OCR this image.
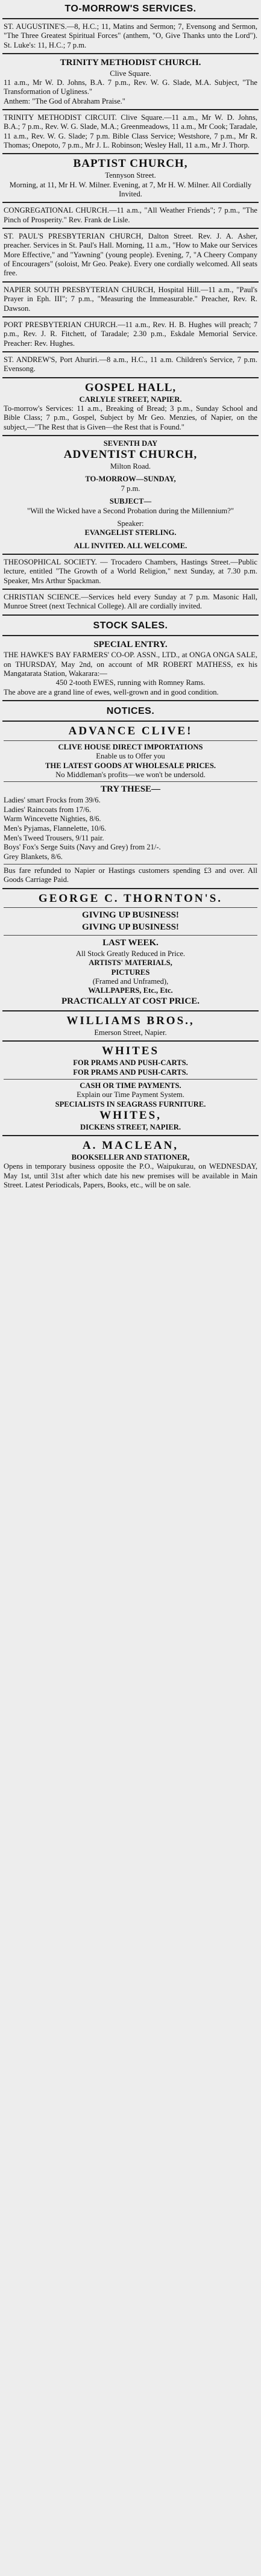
TO-MORROW'S SERVICES.
ST. AUGUSTINE'S.—8, H.C.; 11, Matins and Sermon; 7, Evensong and Sermon, "The Three Greatest Spiritual Forces" (anthem, "O, Give Thanks unto the Lord"). St. Luke's: 11, H.C.; 7 p.m.
TRINITY METHODIST CHURCH.
Clive Square.
11 a.m., Mr W. D. Johns, B.A. 7 p.m., Rev. W. G. Slade, M.A. Subject, "The Transformation of Ugliness."
Anthem: "The God of Abraham Praise."
TRINITY METHODIST CIRCUIT. Clive Square.—11 a.m., Mr W. D. Johns, B.A.; 7 p.m., Rev. W. G. Slade, M.A.; Greenmeadows, 11 a.m., Mr Cook; Taradale, 11 a.m., Rev. W. G. Slade; 7 p.m. Bible Class Service; Westshore, 7 p.m., Mr R. Thomas; Onepoto, 7 p.m., Mr J. L. Robinson; Wesley Hall, 11 a.m., Mr J. Thorp.
BAPTIST CHURCH,
Tennyson Street.
Morning, at 11, Mr H. W. Milner. Evening, at 7, Mr H. W. Milner. All Cordially Invited.
CONGREGATIONAL CHURCH.—11 a.m., "All Weather Friends"; 7 p.m., "The Pinch of Prosperity." Rev. Frank de Lisle.
ST. PAUL'S PRESBYTERIAN CHURCH, Dalton Street. Rev. J. A. Asher, preacher. Services in St. Paul's Hall. Morning, 11 a.m., "How to Make our Services More Effective," and "Yawning" (young people). Evening, 7, "A Cheery Company of Encouragers" (soloist, Mr Geo. Peake). Every one cordially welcomed. All seats free.
NAPIER SOUTH PRESBYTERIAN CHURCH, Hospital Hill.—11 a.m., "Paul's Prayer in Eph. III"; 7 p.m., "Measuring the Immeasurable." Preacher, Rev. R. Dawson.
PORT PRESBYTERIAN CHURCH.—11 a.m., Rev. H. B. Hughes will preach; 7 p.m., Rev. J. R. Fitchett, of Taradale; 2.30 p.m., Eskdale Memorial Service. Preacher: Rev. Hughes.
ST. ANDREW'S, Port Ahuriri.—8 a.m., H.C., 11 a.m. Children's Service, 7 p.m. Evensong.
GOSPEL HALL,
CARLYLE STREET, NAPIER.
To-morrow's Services: 11 a.m., Breaking of Bread; 3 p.m., Sunday School and Bible Class; 7 p.m., Gospel, Subject by Mr Geo. Menzies, of Napier, on the subject,—"The Rest that is Given—the Rest that is Found."
SEVENTH DAY
ADVENTIST CHURCH,
Milton Road.
TO-MORROW—SUNDAY,
7 p.m.
SUBJECT—
"Will the Wicked have a Second Probation during the Millennium?"
Speaker:
EVANGELIST STERLING.
ALL INVITED. ALL WELCOME.
THEOSOPHICAL SOCIETY. — Trocadero Chambers, Hastings Street.—Public lecture, entitled "The Growth of a World Religion," next Sunday, at 7.30 p.m. Speaker, Mrs Arthur Spackman.
CHRISTIAN SCIENCE.—Services held every Sunday at 7 p.m. Masonic Hall, Munroe Street (next Technical College). All are cordially invited.
STOCK SALES.
SPECIAL ENTRY.
THE HAWKE'S BAY FARMERS' CO-OP. ASSN., LTD., at ONGA ONGA SALE, on THURSDAY, May 2nd, on account of MR ROBERT MATHESS, ex his Mangatarata Station, Wakarara:—
450 2-tooth EWES, running with Romney Rams.
The above are a grand line of ewes, well-grown and in good condition.
NOTICES.
ADVANCE CLIVE!
CLIVE HOUSE DIRECT IMPORTATIONS
Enable us to Offer you
THE LATEST GOODS AT WHOLESALE PRICES.
No Middleman's profits—we won't be undersold.
TRY THESE—
Ladies' smart Frocks from 39/6.
Ladies' Raincoats from 17/6.
Warm Wincevette Nighties, 8/6.
Men's Pyjamas, Flannelette, 10/6.
Men's Tweed Trousers, 9/11 pair.
Boys' Fox's Serge Suits (Navy and Grey) from 21/-.
Grey Blankets, 8/6.
Bus fare refunded to Napier or Hastings customers spending £3 and over. All Goods Carriage Paid.
GEORGE C. THORNTON'S.
GIVING UP BUSINESS!
GIVING UP BUSINESS!
LAST WEEK.
All Stock Greatly Reduced in Price.
ARTISTS' MATERIALS,
PICTURES
(Framed and Unframed),
WALLPAPERS, Etc., Etc.
PRACTICALLY AT COST PRICE.
WILLIAMS BROS.,
Emerson Street, Napier.
WHITES
FOR PRAMS AND PUSH-CARTS.
FOR PRAMS AND PUSH-CARTS.
CASH OR TIME PAYMENTS.
Explain our Time Payment System.
SPECIALISTS IN SEAGRASS FURNITURE.
WHITES,
DICKENS STREET, NAPIER.
A. MACLEAN,
BOOKSELLER AND STATIONER,
Opens in temporary business opposite the P.O., Waipukurau, on WEDNESDAY, May 1st, until 31st after which date his new premises will be available in Main Street. Latest Periodicals, Papers, Books, etc., will be on sale.
